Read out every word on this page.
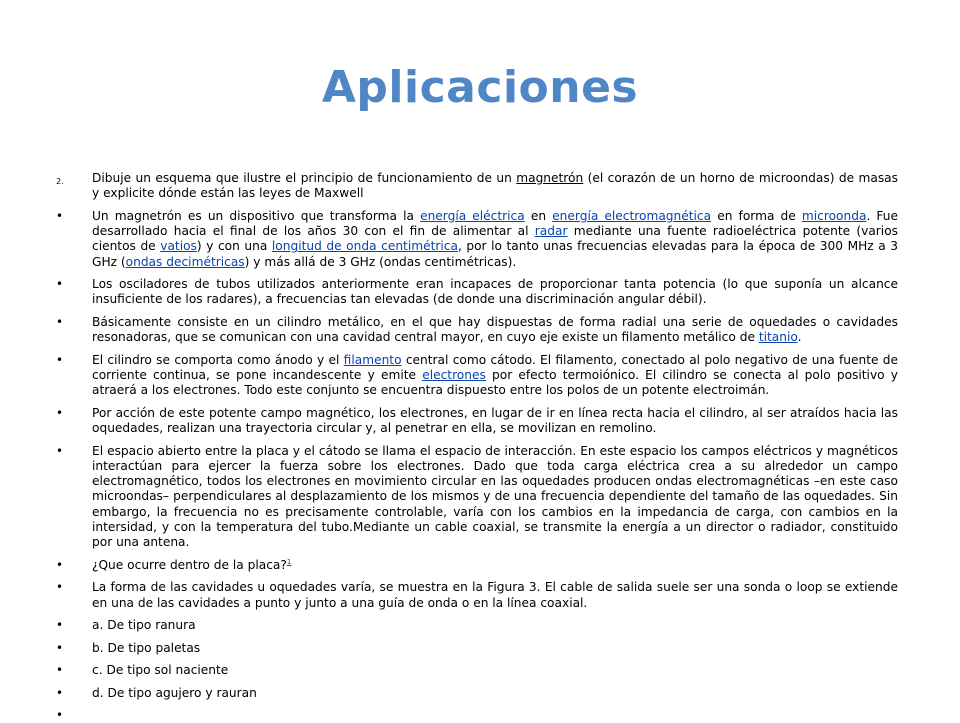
Aplicaciones
2.	Dibuje un esquema que ilustre el principio de funcionamiento de un magnetrón (el corazón de un horno de microondas) de masas y explicite dónde están las leyes de Maxwell
•	Un magnetrón es un dispositivo que transforma la energía eléctrica en energía electromagnética en forma de microonda. Fue desarrollado hacia el final de los años 30 con el fin de alimentar al radar mediante una fuente radioeléctrica potente (varios cientos de vatios) y con una longitud de onda centimétrica, por lo tanto unas frecuencias elevadas para la época de 300 MHz a 3 GHz (ondas decimétricas) y más allá de 3 GHz (ondas centimétricas).
•	Los osciladores de tubos utilizados anteriormente eran incapaces de proporcionar tanta potencia (lo que suponía un alcance insuficiente de los radares), a frecuencias tan elevadas (de donde una discriminación angular débil).
•	Básicamente consiste en un cilindro metálico, en el que hay dispuestas de forma radial una serie de oquedades o cavidades resonadoras, que se comunican con una cavidad central mayor, en cuyo eje existe un filamento metálico de titanio.
•	El cilindro se comporta como ánodo y el filamento central como cátodo. El filamento, conectado al polo negativo de una fuente de corriente continua, se pone incandescente y emite electrones por efecto termoiónico. El cilindro se conecta al polo positivo y atraerá a los electrones. Todo este conjunto se encuentra dispuesto entre los polos de un potente electroimán.
•	Por acción de este potente campo magnético, los electrones, en lugar de ir en línea recta hacia el cilindro, al ser atraídos hacia las oquedades, realizan una trayectoria circular y, al penetrar en ella, se movilizan en remolino.
•	El espacio abierto entre la placa y el cátodo se llama el espacio de interacción. En este espacio los campos eléctricos y magnéticos interactúan para ejercer la fuerza sobre los electrones. Dado que toda carga eléctrica crea a su alrededor un campo electromagnético, todos los electrones en movimiento circular en las oquedades producen ondas electromagnéticas –en este caso microondas– perpendiculares al desplazamiento de los mismos y de una frecuencia dependiente del tamaño de las oquedades. Sin embargo, la frecuencia no es precisamente controlable, varía con los cambios en la impedancia de carga, con cambios en la intersidad, y con la temperatura del tubo.Mediante un cable coaxial, se transmite la energía a un director o radiador, constituido por una antena.
•	¿Que ocurre dentro de la placa?$^1$
•	La forma de las cavidades u oquedades varía, se muestra en la Figura 3. El cable de salida suele ser una sonda o loop se extiende en una de las cavidades a punto y junto a una guía de onda o en la línea coaxial.
•	a. De tipo ranura
•	b. De tipo paletas
•	c. De tipo sol naciente
•	d. De tipo agujero y rauran
•
